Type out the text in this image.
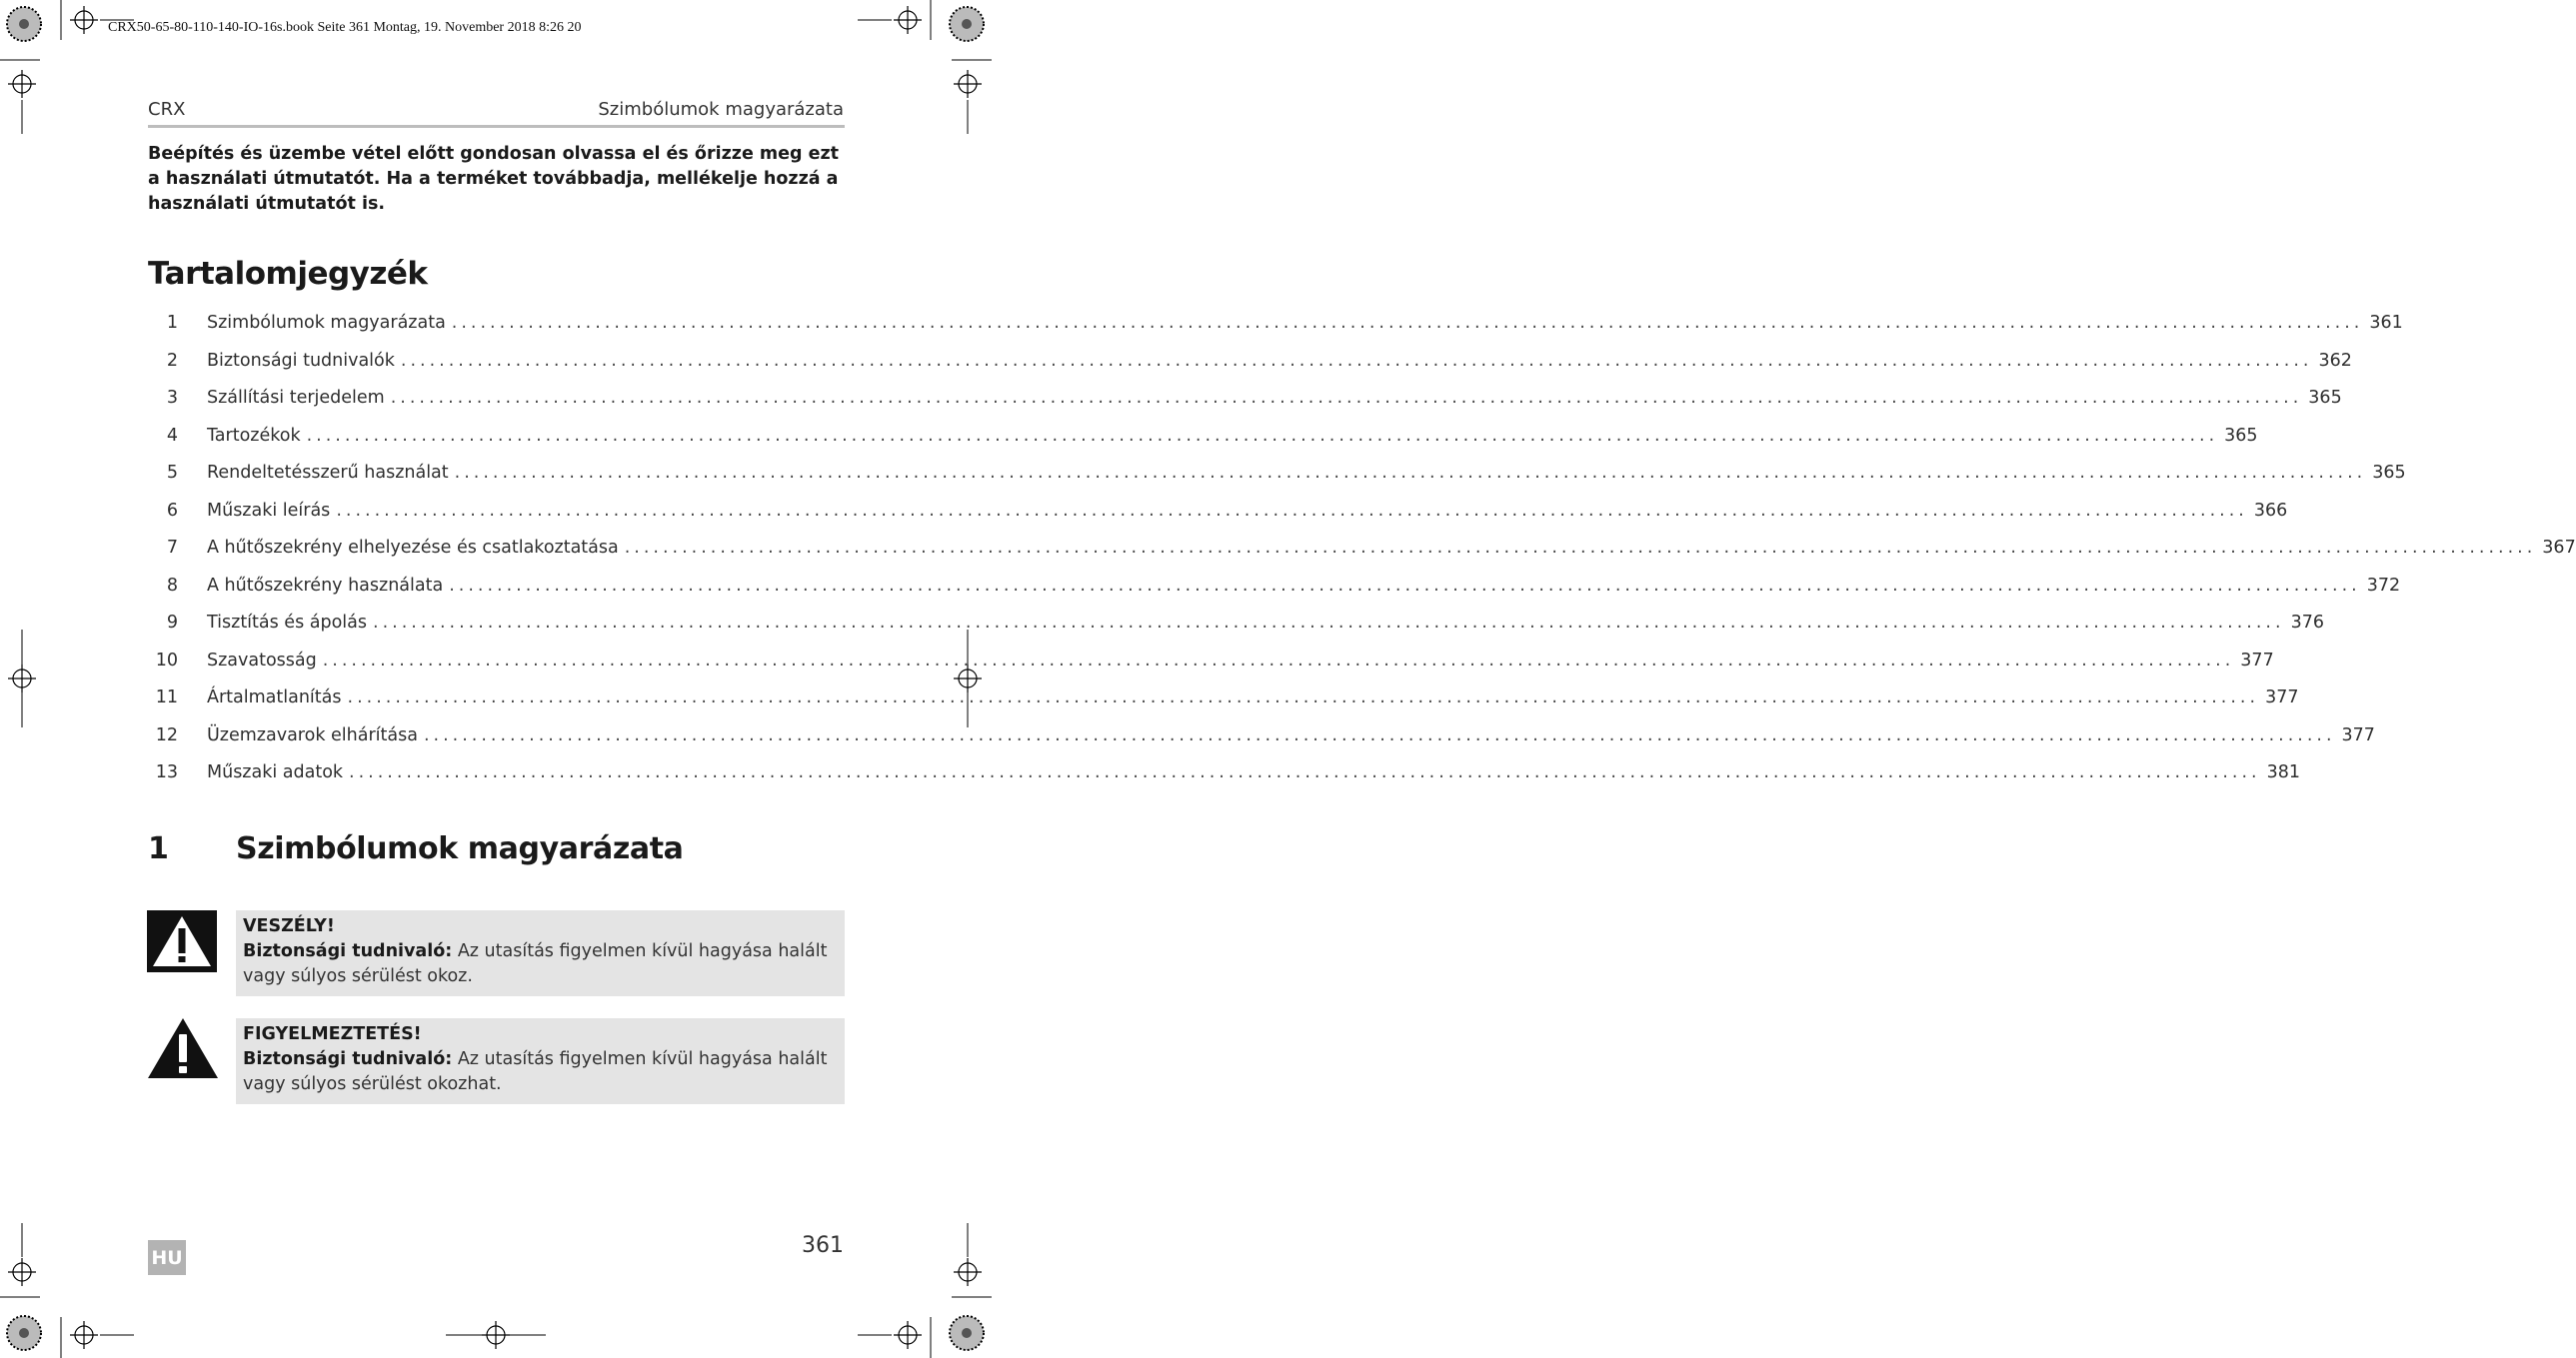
CRX50-65-80-110-140-IO-16s.book Seite 361 Montag, 19. November 2018 8:26 20
CRX	Szimbólumok magyarázata

Beépítés és üzembe vétel előtt gondosan olvassa el és őrizze meg ezt a használati útmutatót. Ha a terméket továbbadja, mellékelje hozzá a használati útmutatót is.

Tartalomjegyzék
1 Szimbólumok magyarázata ........................................................................................................................................................................................................ 361
2 Biztonsági tudnivalók ........................................................................................................................................................................................................ 362
3 Szállítási terjedelem ........................................................................................................................................................................................................ 365
4 Tartozékok ........................................................................................................................................................................................................ 365
5 Rendeltetésszerű használat ........................................................................................................................................................................................................ 365
6 Műszaki leírás ........................................................................................................................................................................................................ 366
7 A hűtőszekrény elhelyezése és csatlakoztatása ........................................................................................................................................................................................................ 367
8 A hűtőszekrény használata ........................................................................................................................................................................................................ 372
9 Tisztítás és ápolás ........................................................................................................................................................................................................ 376
10 Szavatosság ........................................................................................................................................................................................................ 377
11 Ártalmatlanítás ........................................................................................................................................................................................................ 377
12 Üzemzavarok elhárítása ........................................................................................................................................................................................................ 377
13 Műszaki adatok ........................................................................................................................................................................................................ 381
1 Szimbólumok magyarázata
VESZÉLY!
Biztonsági tudnivaló: Az utasítás figyelmen kívül hagyása halált vagy súlyos sérülést okoz.
FIGYELMEZTETÉS!
Biztonsági tudnivaló: Az utasítás figyelmen kívül hagyása halált vagy súlyos sérülést okozhat.
361
HU
